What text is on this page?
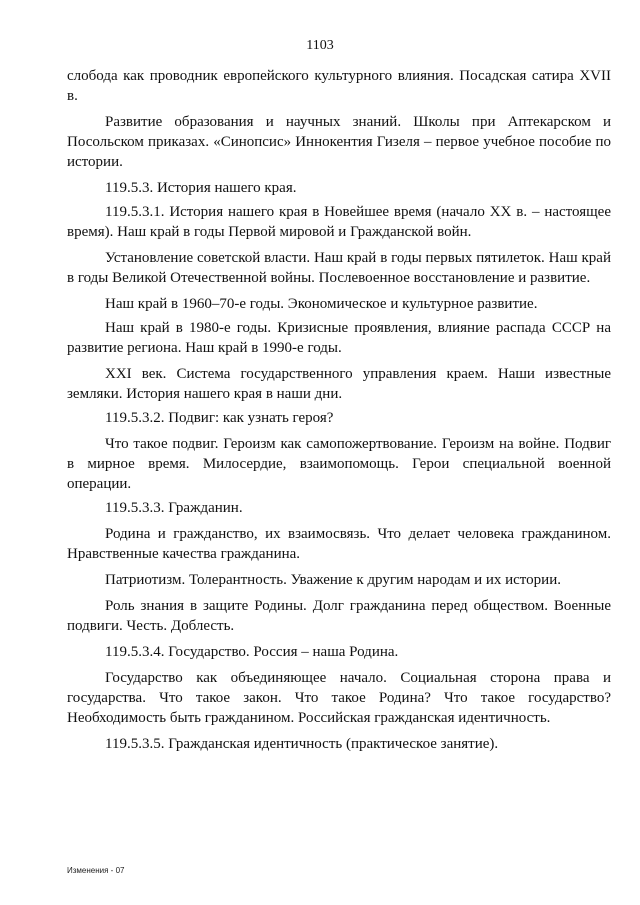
1103

слобода как проводник европейского культурного влияния. Посадская сатира XVII в.

Развитие образования и научных знаний. Школы при Аптекарском и Посольском приказах. «Синопсис» Иннокентия Гизеля – первое учебное пособие по истории.

119.5.3. История нашего края.

119.5.3.1. История нашего края в Новейшее время (начало XX в. – настоящее время). Наш край в годы Первой мировой и Гражданской войн.

Установление советской власти. Наш край в годы первых пятилеток. Наш край в годы Великой Отечественной войны. Послевоенное восстановление и развитие.

Наш край в 1960–70-е годы. Экономическое и культурное развитие.

Наш край в 1980-е годы. Кризисные проявления, влияние распада СССР на развитие региона. Наш край в 1990-е годы.

XXI век. Система государственного управления краем. Наши известные земляки. История нашего края в наши дни.

119.5.3.2. Подвиг: как узнать героя?

Что такое подвиг. Героизм как самопожертвование. Героизм на войне. Подвиг в мирное время. Милосердие, взаимопомощь. Герои специальной военной операции.

119.5.3.3. Гражданин.

Родина и гражданство, их взаимосвязь. Что делает человека гражданином. Нравственные качества гражданина.

Патриотизм. Толерантность. Уважение к другим народам и их истории.

Роль знания в защите Родины. Долг гражданина перед обществом. Военные подвиги. Честь. Доблесть.

119.5.3.4. Государство. Россия – наша Родина.

Государство как объединяющее начало. Социальная сторона права и государства. Что такое закон. Что такое Родина? Что такое государство? Необходимость быть гражданином. Российская гражданская идентичность.

119.5.3.5. Гражданская идентичность (практическое занятие).

Изменения - 07
